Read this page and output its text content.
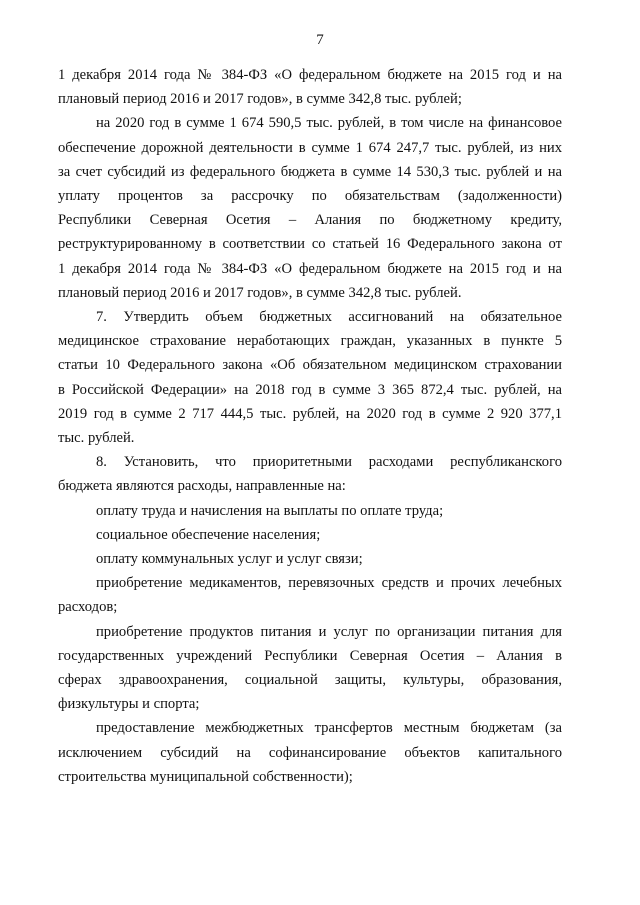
7

1 декабря 2014 года № 384-ФЗ «О федеральном бюджете на 2015 год и на
плановый период 2016 и 2017 годов», в сумме 342,8 тыс. рублей;

на 2020 год в сумме 1 674 590,5 тыс. рублей, в том числе на финансовое
обеспечение дорожной деятельности в сумме 1 674 247,7 тыс. рублей, из них
за счет субсидий из федерального бюджета в сумме 14 530,3 тыс. рублей и на
уплату процентов за рассрочку по обязательствам (задолженности)
Республики Северная Осетия – Алания по бюджетному кредиту,
реструктурированному в соответствии со статьей 16 Федерального закона от
1 декабря 2014 года № 384-ФЗ «О федеральном бюджете на 2015 год и на
плановый период 2016 и 2017 годов», в сумме 342,8 тыс. рублей.

7. Утвердить объем бюджетных ассигнований на обязательное
медицинское страхование неработающих граждан, указанных в пункте 5
статьи 10 Федерального закона «Об обязательном медицинском страховании
в Российской Федерации» на 2018 год в сумме 3 365 872,4 тыс. рублей, на
2019 год в сумме 2 717 444,5 тыс. рублей, на 2020 год в сумме 2 920 377,1
тыс. рублей.

8. Установить, что приоритетными расходами республиканского
бюджета являются расходы, направленные на:

оплату труда и начисления на выплаты по оплате труда;

социальное обеспечение населения;

оплату коммунальных услуг и услуг связи;

приобретение медикаментов, перевязочных средств и прочих лечебных
расходов;

приобретение продуктов питания и услуг по организации питания для
государственных учреждений Республики Северная Осетия – Алания в
сферах здравоохранения, социальной защиты, культуры, образования,
физкультуры и спорта;

предоставление межбюджетных трансфертов местным бюджетам (за
исключением субсидий на софинансирование объектов капитального
строительства муниципальной собственности);
